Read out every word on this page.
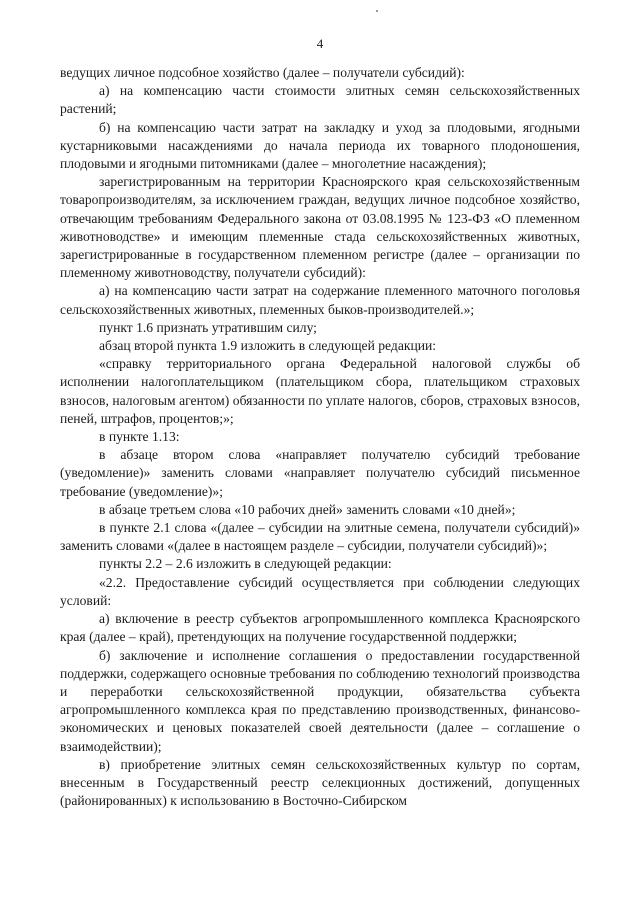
4

ведущих личное подсобное хозяйство (далее – получатели субсидий):

а) на компенсацию части стоимости элитных семян сельскохозяйственных растений;

б) на компенсацию части затрат на закладку и уход за плодовыми, ягодными кустарниковыми насаждениями до начала периода их товарного плодоношения, плодовыми и ягодными питомниками (далее – многолетние насаждения);

зарегистрированным на территории Красноярского края сельскохозяйственным товаропроизводителям, за исключением граждан, ведущих личное подсобное хозяйство, отвечающим требованиям Федерального закона от 03.08.1995 № 123-ФЗ «О племенном животноводстве» и имеющим племенные стада сельскохозяйственных животных, зарегистрированные в государственном племенном регистре (далее – организации по племенному животноводству, получатели субсидий):

а) на компенсацию части затрат на содержание племенного маточного поголовья сельскохозяйственных животных, племенных быков-производителей.»;

пункт 1.6 признать утратившим силу;

абзац второй пункта 1.9 изложить в следующей редакции:

«справку территориального органа Федеральной налоговой службы об исполнении налогоплательщиком (плательщиком сбора, плательщиком страховых взносов, налоговым агентом) обязанности по уплате налогов, сборов, страховых взносов, пеней, штрафов, процентов;»;

в пункте 1.13:

в абзаце втором слова «направляет получателю субсидий требование (уведомление)» заменить словами «направляет получателю субсидий письменное требование (уведомление)»;

в абзаце третьем слова «10 рабочих дней» заменить словами «10 дней»;

в пункте 2.1 слова «(далее – субсидии на элитные семена, получатели субсидий)» заменить словами «(далее в настоящем разделе – субсидии, получатели субсидий)»;

пункты 2.2 – 2.6 изложить в следующей редакции:

«2.2. Предоставление субсидий осуществляется при соблюдении следующих условий:

а) включение в реестр субъектов агропромышленного комплекса Красноярского края (далее – край), претендующих на получение государственной поддержки;

б) заключение и исполнение соглашения о предоставлении государственной поддержки, содержащего основные требования по соблюдению технологий производства и переработки сельскохозяйственной продукции, обязательства субъекта агропромышленного комплекса края по представлению производственных, финансово-экономических и ценовых показателей своей деятельности (далее – соглашение о взаимодействии);

в) приобретение элитных семян сельскохозяйственных культур по сортам, внесенным в Государственный реестр селекционных достижений, допущенных (районированных) к использованию в Восточно-Сибирском
